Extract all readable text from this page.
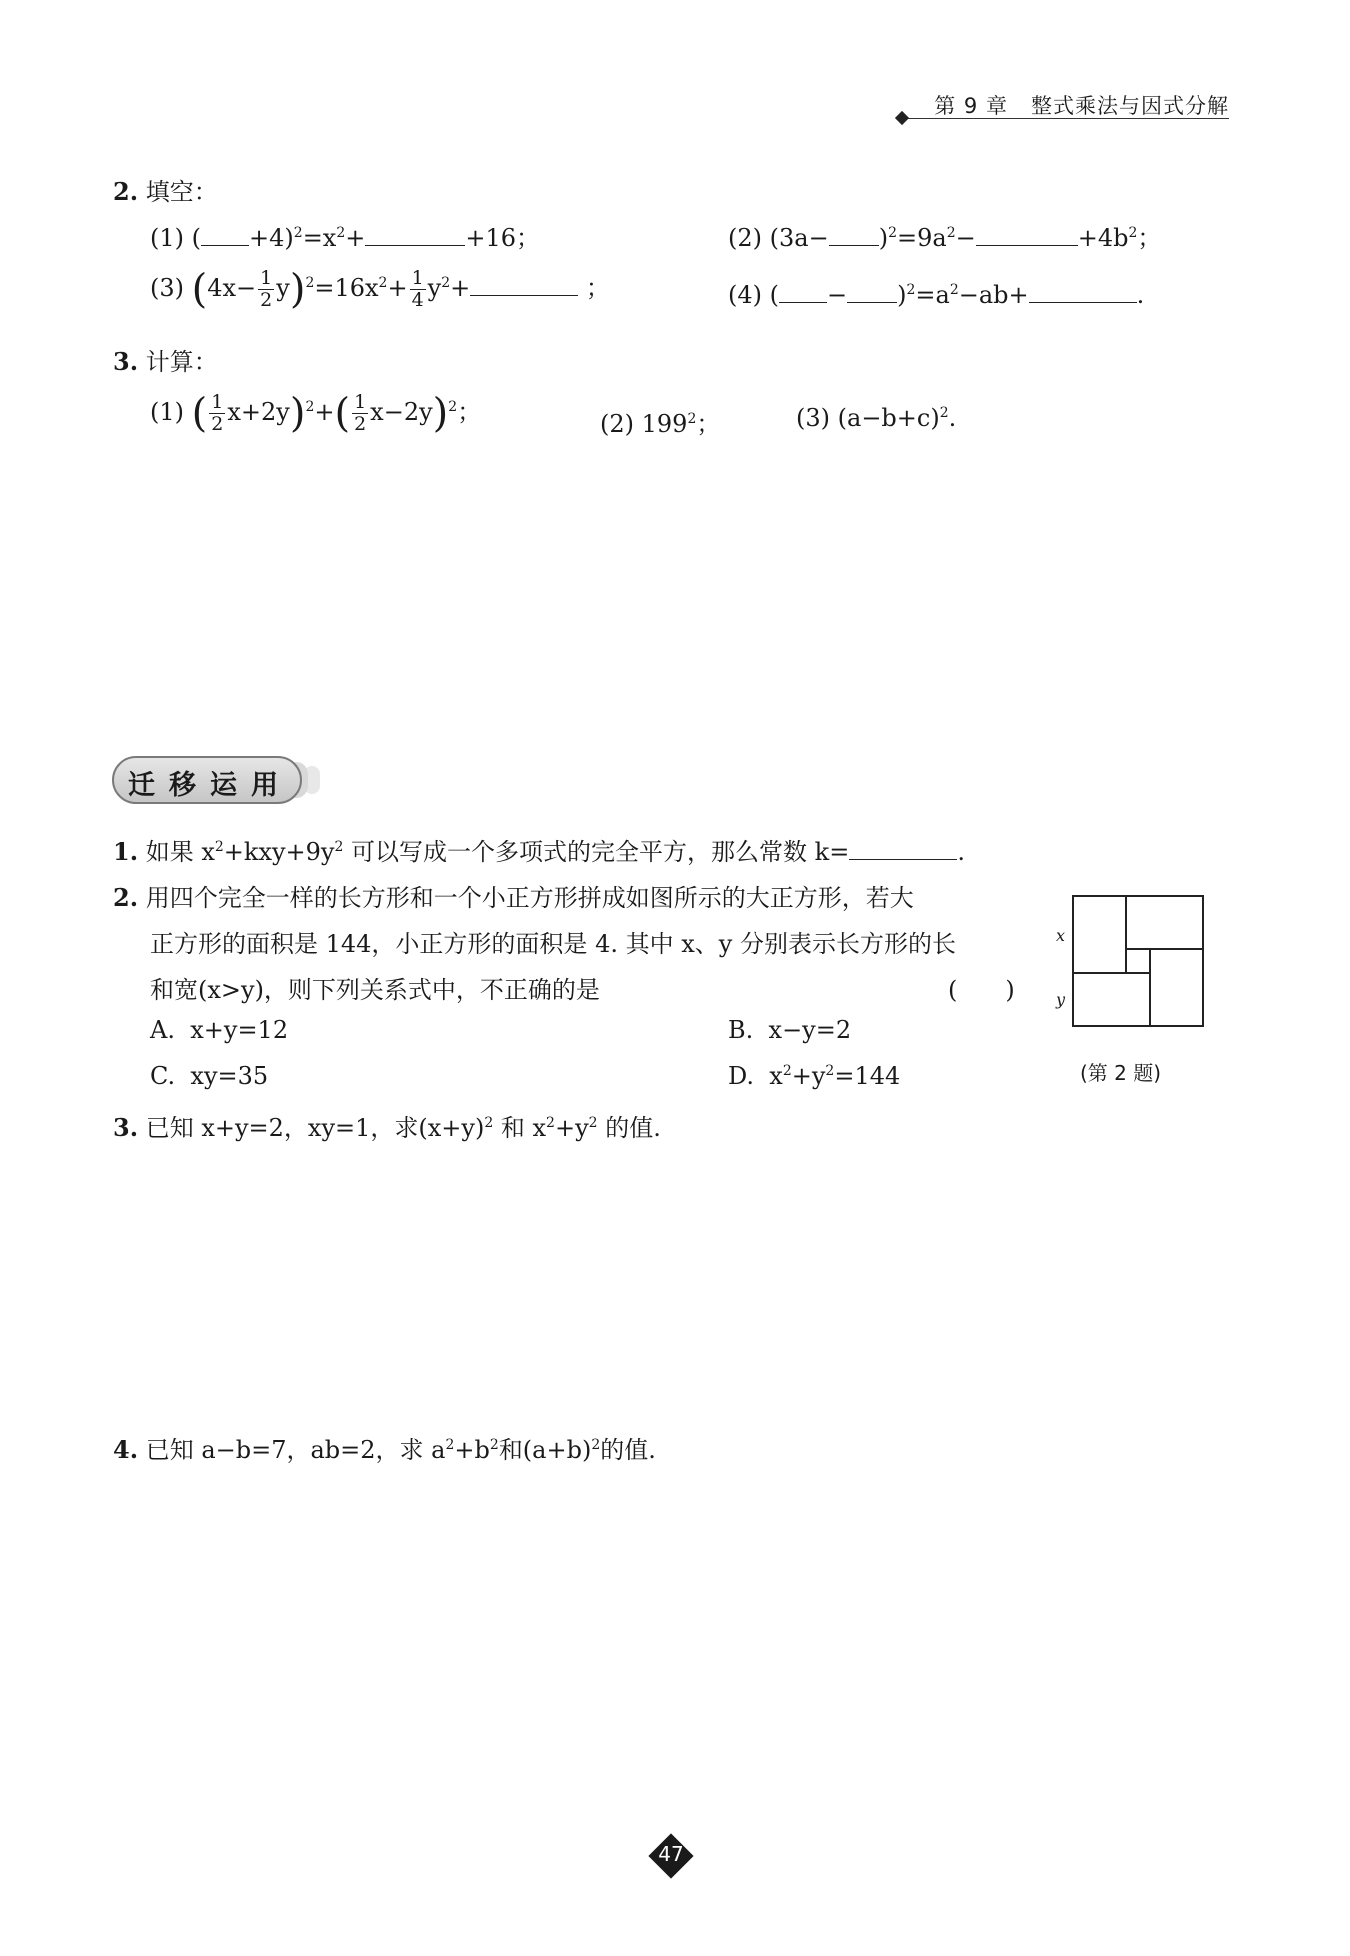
第 9 章 整式乘法与因式分解
2. 填空：
(1) ( $+4)^2=x^2+$	+16；	(2) $(3a- )^2=9a^2-$	$+4b^2$；
(3) $(4x- \frac{1}{2} y)^2=16x^2+ \frac{1}{4} y^2+$	；	(4) ( − )$^2=a^2-ab+$	.
3. 计算：
(1) ( $\frac{1}{2} x+2y)^2+( \frac{1}{2} x-2y)^2$；	(2) $199^2$；	(3) $(a-b+c)^2$.
迁移运用
1. 如果 $x^2+kxy+9y^2$ 可以写成一个多项式的完全平方，那么常数 k=	.
2. 用四个完全一样的长方形和一个小正方形拼成如图所示的大正方形，若大
正方形的面积是 144，小正方形的面积是 4. 其中 x、y 分别表示长方形的长
和宽(x>y)，则下列关系式中，不正确的是	(　　)
A. x+y=12	B. x−y=2
C. xy=35	D. $x^2+y^2=144$
x
y
(第 2 题)
3. 已知 x+y=2，xy=1，求$(x+y)^2$ 和 $x^2+y^2$ 的值.
4. 已知 a−b=7，ab=2，求 $a^2+b^2$和$(a+b)^2$的值.
47
